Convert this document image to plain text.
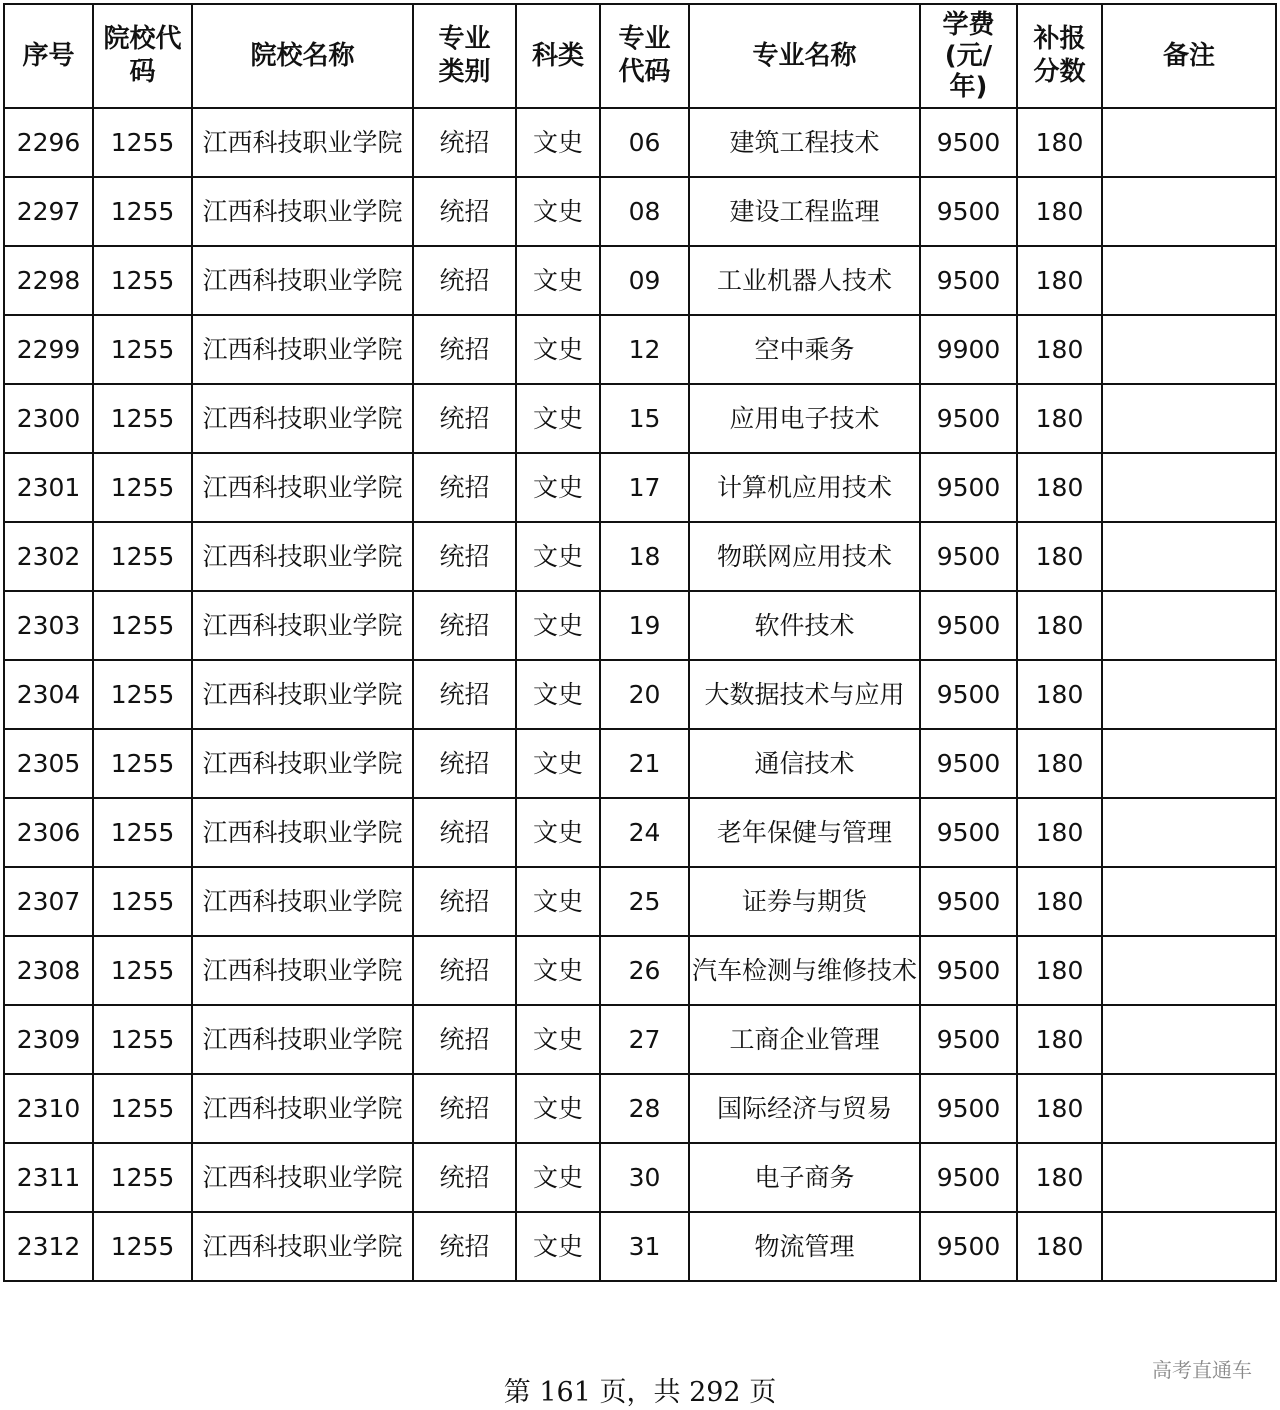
序号	院校代码	院校名称	专业类别	科类	专业代码	专业名称	学费(元/年)	补报分数	备注
2296	1255	江西科技职业学院	统招	文史	06	建筑工程技术	9500	180	
2297	1255	江西科技职业学院	统招	文史	08	建设工程监理	9500	180	
2298	1255	江西科技职业学院	统招	文史	09	工业机器人技术	9500	180	
2299	1255	江西科技职业学院	统招	文史	12	空中乘务	9900	180	
2300	1255	江西科技职业学院	统招	文史	15	应用电子技术	9500	180	
2301	1255	江西科技职业学院	统招	文史	17	计算机应用技术	9500	180	
2302	1255	江西科技职业学院	统招	文史	18	物联网应用技术	9500	180	
2303	1255	江西科技职业学院	统招	文史	19	软件技术	9500	180	
2304	1255	江西科技职业学院	统招	文史	20	大数据技术与应用	9500	180	
2305	1255	江西科技职业学院	统招	文史	21	通信技术	9500	180	
2306	1255	江西科技职业学院	统招	文史	24	老年保健与管理	9500	180	
2307	1255	江西科技职业学院	统招	文史	25	证券与期货	9500	180	
2308	1255	江西科技职业学院	统招	文史	26	汽车检测与维修技术	9500	180	
2309	1255	江西科技职业学院	统招	文史	27	工商企业管理	9500	180	
2310	1255	江西科技职业学院	统招	文史	28	国际经济与贸易	9500	180	
2311	1255	江西科技职业学院	统招	文史	30	电子商务	9500	180	
2312	1255	江西科技职业学院	统招	文史	31	物流管理	9500	180	
第 161 页，共 292 页
高考直通车
